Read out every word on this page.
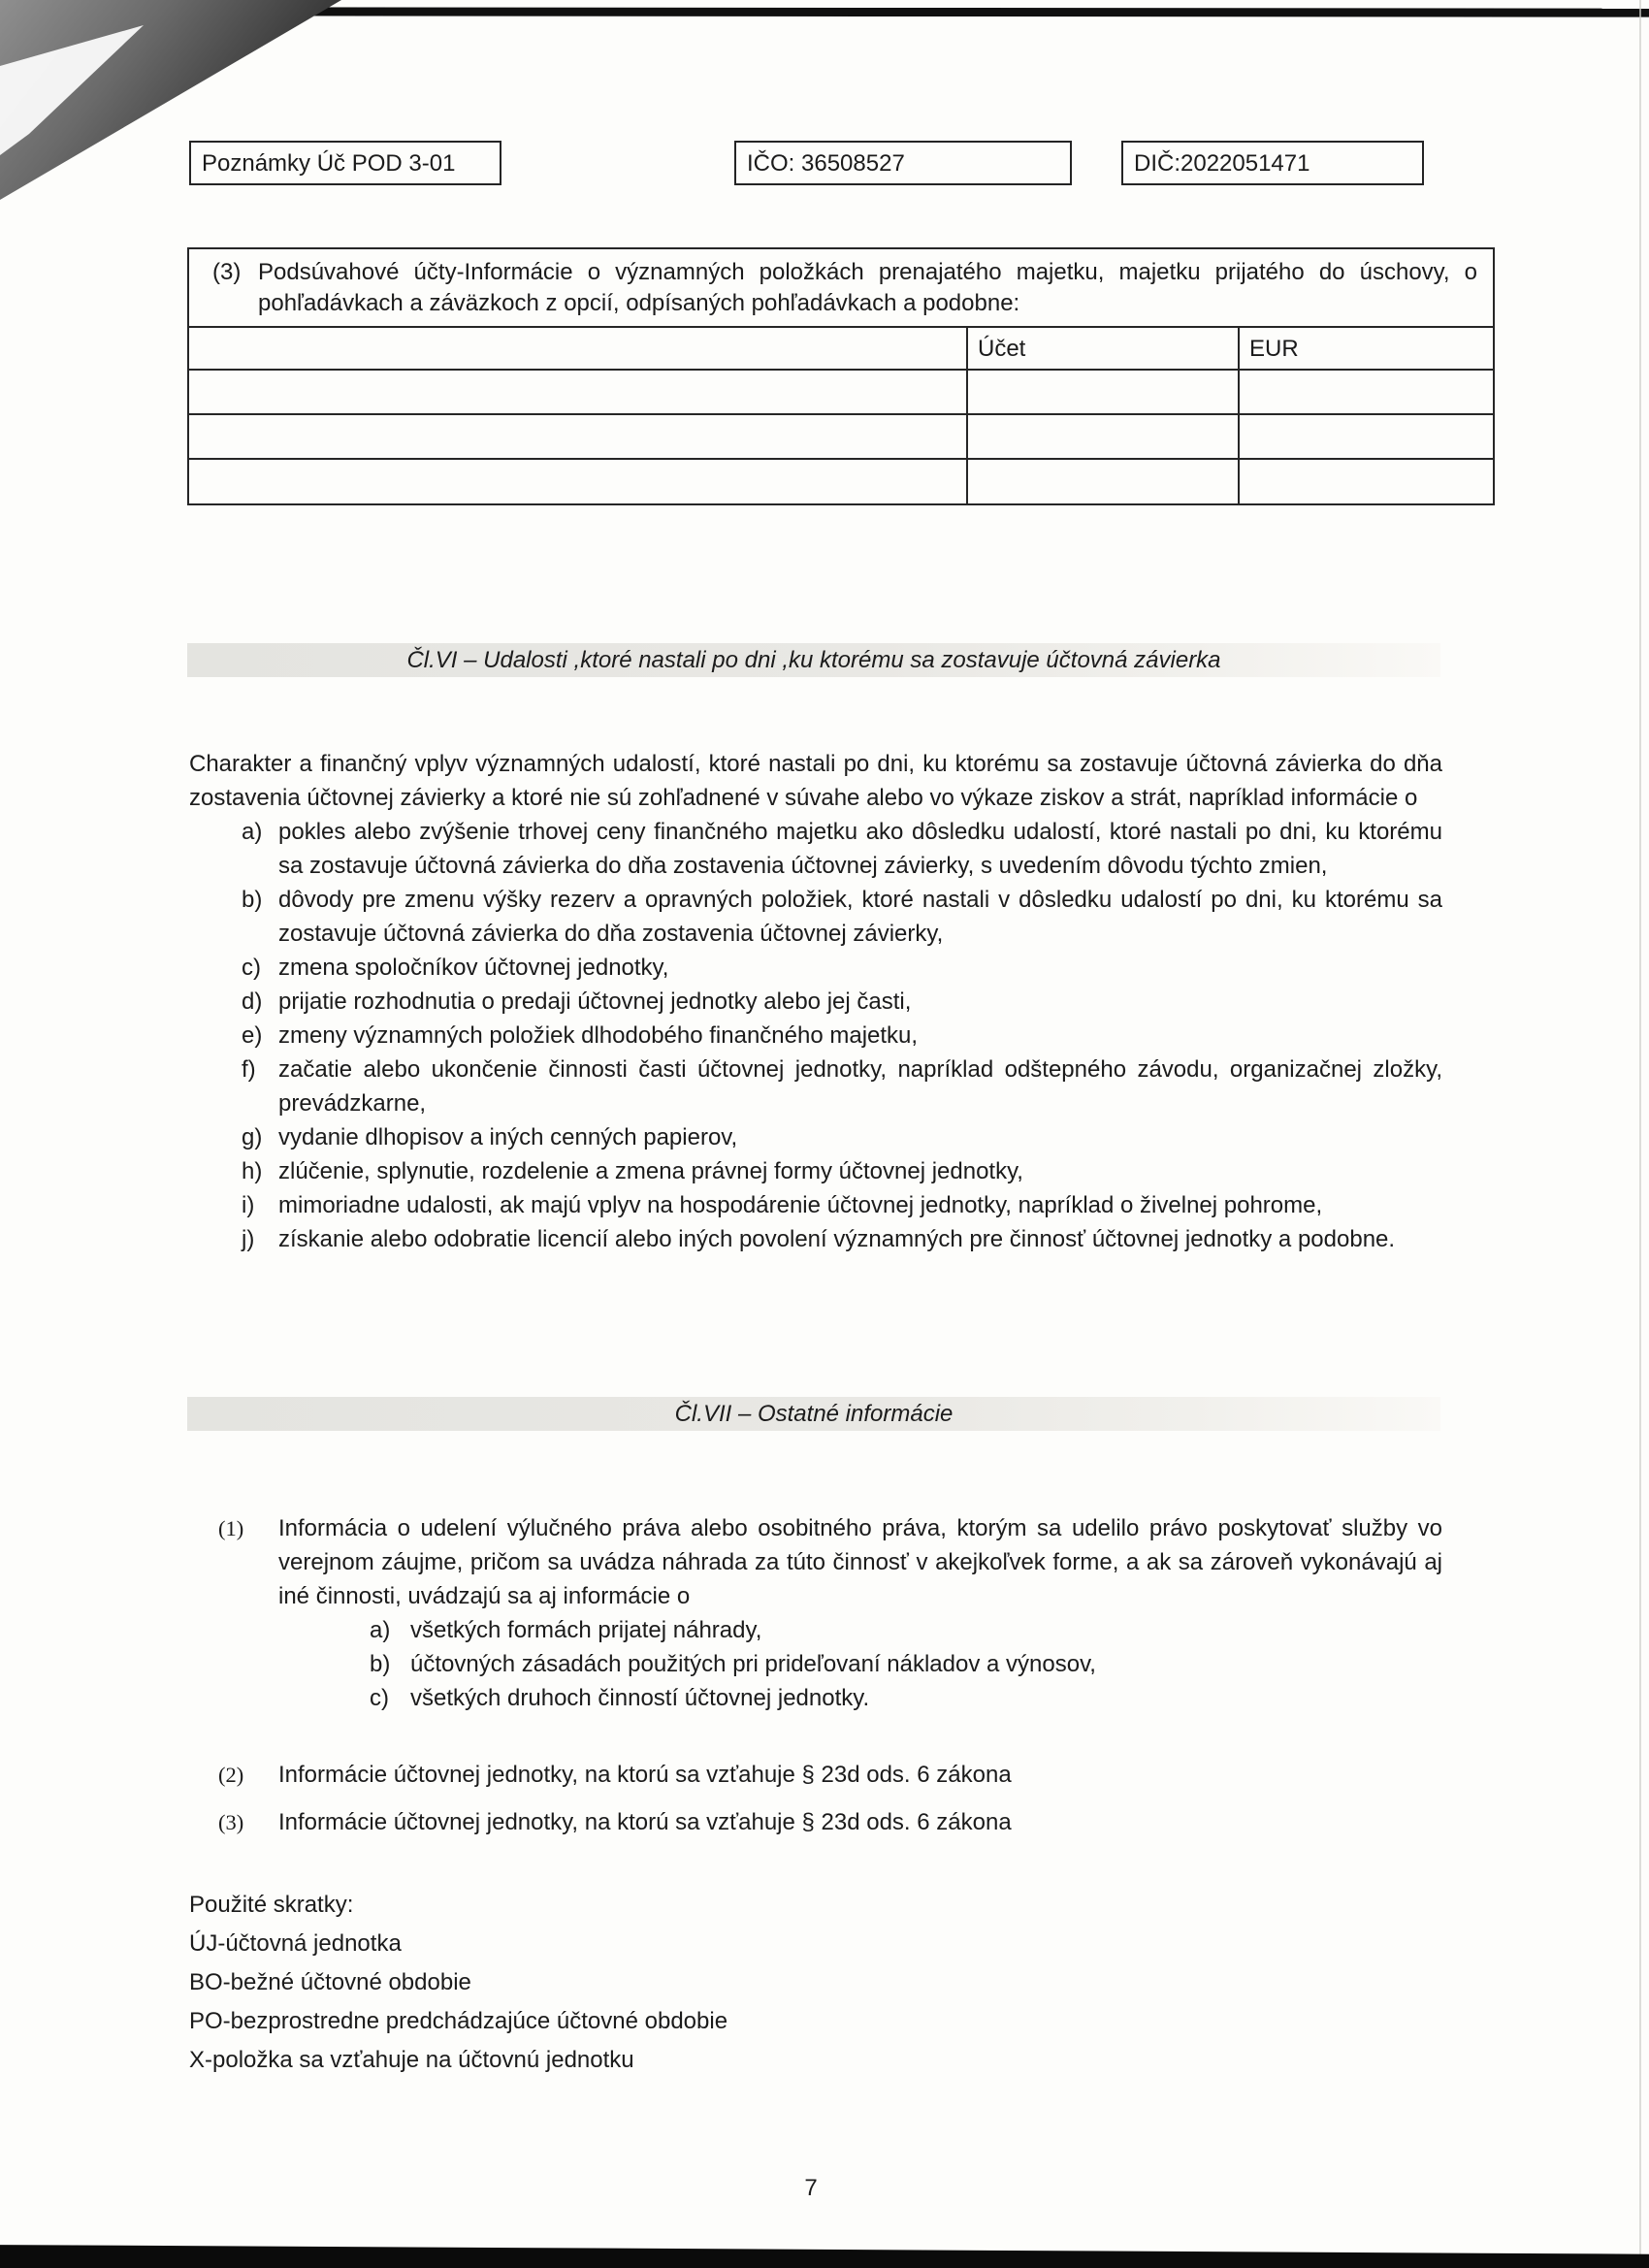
Poznámky Úč POD 3-01	IČO: 36508527	DIČ:2022051471
(3) Podsúvahové účty-Informácie o významných položkách prenajatého majetku, majetku prijatého do úschovy, o pohľadávkach a záväzkoch z opcií, odpísaných pohľadávkach a podobne:
	Účet	EUR

Čl.VI – Udalosti ,ktoré nastali po dni ,ku ktorému sa zostavuje účtovná závierka

Charakter a finančný vplyv významných udalostí, ktoré nastali po dni, ku ktorému sa zostavuje účtovná závierka do dňa zostavenia účtovnej závierky a ktoré nie sú zohľadnené v súvahe alebo vo výkaze ziskov a strát, napríklad informácie o

a) pokles alebo zvýšenie trhovej ceny finančného majetku ako dôsledku udalostí, ktoré nastali po dni, ku ktorému sa zostavuje účtovná závierka do dňa zostavenia účtovnej závierky, s uvedením dôvodu týchto zmien,
b) dôvody pre zmenu výšky rezerv a opravných položiek, ktoré nastali v dôsledku udalostí po dni, ku ktorému sa zostavuje účtovná závierka do dňa zostavenia účtovnej závierky,
c) zmena spoločníkov účtovnej jednotky,
d) prijatie rozhodnutia o predaji účtovnej jednotky alebo jej časti,
e) zmeny významných položiek dlhodobého finančného majetku,
f) začatie alebo ukončenie činnosti časti účtovnej jednotky, napríklad odštepného závodu, organizačnej zložky, prevádzkarne,
g) vydanie dlhopisov a iných cenných papierov,
h) zlúčenie, splynutie, rozdelenie a zmena právnej formy účtovnej jednotky,
i) mimoriadne udalosti, ak majú vplyv na hospodárenie účtovnej jednotky, napríklad o živelnej pohrome,
j) získanie alebo odobratie licencií alebo iných povolení významných pre činnosť účtovnej jednotky a podobne.
Čl.VII – Ostatné informácie
(1) Informácia o udelení výlučného práva alebo osobitného práva, ktorým sa udelilo právo poskytovať služby vo verejnom záujme, pričom sa uvádza náhrada za túto činnosť v akejkoľvek forme, a ak sa zároveň vykonávajú aj iné činnosti, uvádzajú sa aj informácie o
a) všetkých formách prijatej náhrady,
b) účtovných zásadách použitých pri prideľovaní nákladov a výnosov,
c) všetkých druhoch činností účtovnej jednotky.
(2) Informácie účtovnej jednotky, na ktorú sa vzťahuje § 23d ods. 6 zákona
(3) Informácie účtovnej jednotky, na ktorú sa vzťahuje § 23d ods. 6 zákona

Použité skratky:

ÚJ-účtovná jednotka

BO-bežné účtovné obdobie

PO-bezprostredne predchádzajúce účtovné obdobie

X-položka sa vzťahuje na účtovnú jednotku

7
